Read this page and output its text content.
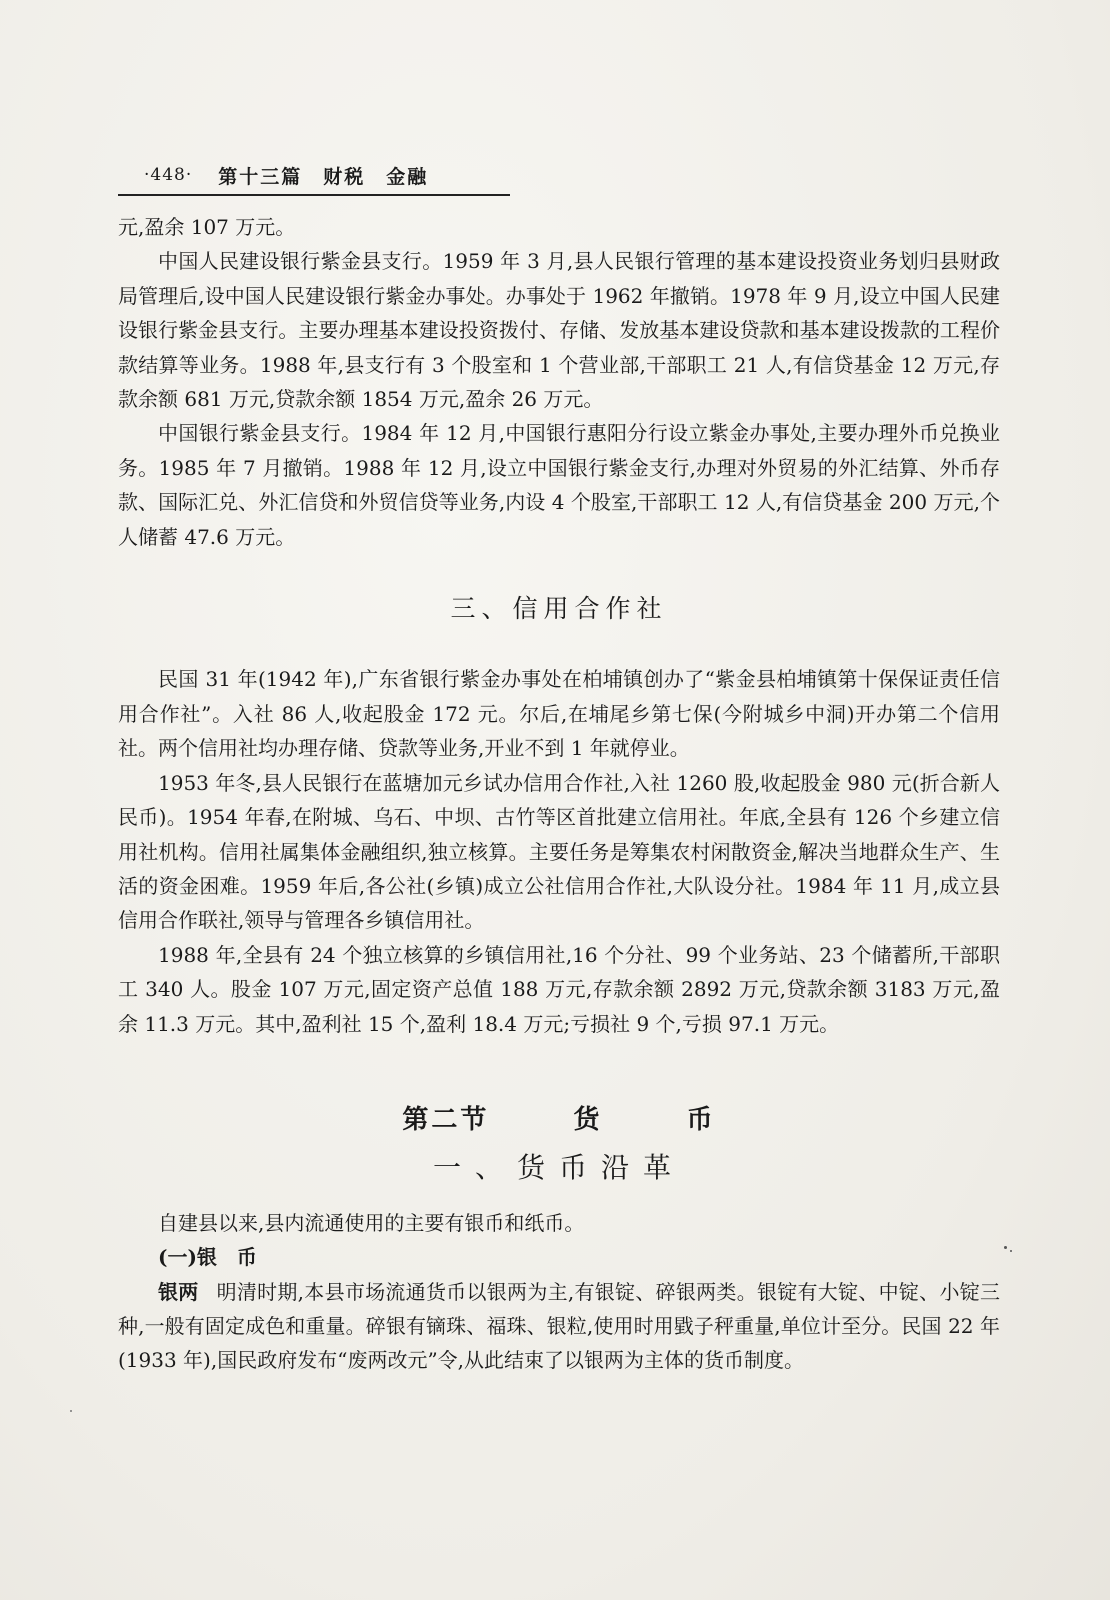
·448· 第十三篇　财税　金融

元,盈余 107 万元。

中国人民建设银行紫金县支行。1959 年 3 月,县人民银行管理的基本建设投资业务划归县财政局管理后,设中国人民建设银行紫金办事处。办事处于 1962 年撤销。1978 年 9 月,设立中国人民建设银行紫金县支行。主要办理基本建设投资拨付、存储、发放基本建设贷款和基本建设拨款的工程价款结算等业务。1988 年,县支行有 3 个股室和 1 个营业部,干部职工 21 人,有信贷基金 12 万元,存款余额 681 万元,贷款余额 1854 万元,盈余 26 万元。

中国银行紫金县支行。1984 年 12 月,中国银行惠阳分行设立紫金办事处,主要办理外币兑换业务。1985 年 7 月撤销。1988 年 12 月,设立中国银行紫金支行,办理对外贸易的外汇结算、外币存款、国际汇兑、外汇信贷和外贸信贷等业务,内设 4 个股室,干部职工 12 人,有信贷基金 200 万元,个人储蓄 47.6 万元。

三、信用合作社

民国 31 年(1942 年),广东省银行紫金办事处在柏埔镇创办了“紫金县柏埔镇第十保保证责任信用合作社”。入社 86 人,收起股金 172 元。尔后,在埔尾乡第七保(今附城乡中洞)开办第二个信用社。两个信用社均办理存储、贷款等业务,开业不到 1 年就停业。

1953 年冬,县人民银行在蓝塘加元乡试办信用合作社,入社 1260 股,收起股金 980 元(折合新人民币)。1954 年春,在附城、乌石、中坝、古竹等区首批建立信用社。年底,全县有 126 个乡建立信用社机构。信用社属集体金融组织,独立核算。主要任务是筹集农村闲散资金,解决当地群众生产、生活的资金困难。1959 年后,各公社(乡镇)成立公社信用合作社,大队设分社。1984 年 11 月,成立县信用合作联社,领导与管理各乡镇信用社。

1988 年,全县有 24 个独立核算的乡镇信用社,16 个分社、99 个业务站、23 个储蓄所,干部职工 340 人。股金 107 万元,固定资产总值 188 万元,存款余额 2892 万元,贷款余额 3183 万元,盈余 11.3 万元。其中,盈利社 15 个,盈利 18.4 万元;亏损社 9 个,亏损 97.1 万元。

第二节	货	币
一、货币沿革

自建县以来,县内流通使用的主要有银币和纸币。

(一)银　币

银两 明清时期,本县市场流通货币以银两为主,有银锭、碎银两类。银锭有大锭、中锭、小锭三种,一般有固定成色和重量。碎银有镝珠、福珠、银粒,使用时用戥子秤重量,单位计至分。民国 22 年(1933 年),国民政府发布“废两改元”令,从此结束了以银两为主体的货币制度。
